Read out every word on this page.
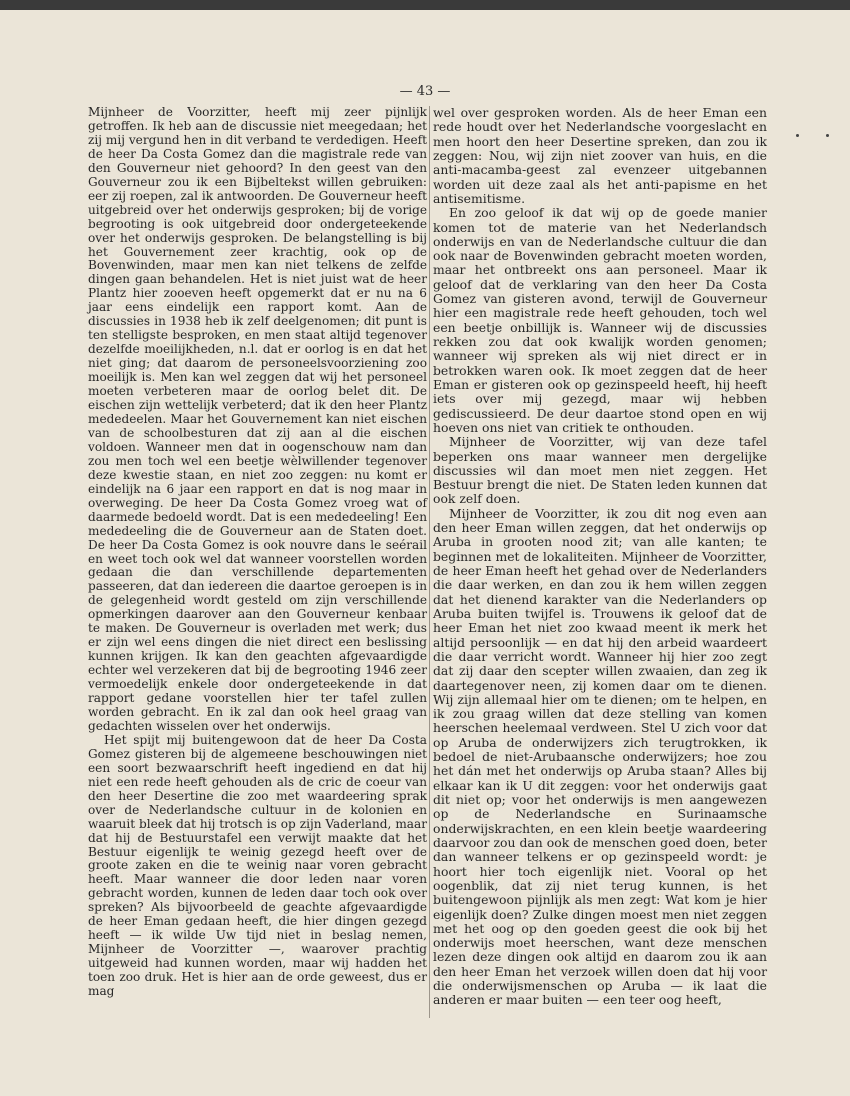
— 43 —

Mijnheer de Voorzitter, heeft mij zeer pijnlijk getroffen. Ik heb aan de discussie niet meegedaan; het zij mij vergund hen in dit verband te verdedigen. Heeft de heer Da Costa Gomez dan die magistrale rede van den Gouverneur niet gehoord? In den geest van den Gouverneur zou ik een Bijbeltekst willen gebruiken: eer zij roepen, zal ik antwoorden. De Gouverneur heeft uitgebreid over het onderwijs gesproken; bij de vorige begrooting is ook uitgebreid door ondergeteekende over het onderwijs gesproken. De belangstelling is bij het Gouvernement zeer krachtig, ook op de Bovenwinden, maar men kan niet telkens de zelfde dingen gaan behandelen. Het is niet juist wat de heer Plantz hier zooeven heeft opgemerkt dat er nu na 6 jaar eens eindelijk een rapport komt. Aan de discussies in 1938 heb ik zelf deelgenomen; dit punt is ten stelligste besproken, en men staat altijd tegenover dezelfde moeilijkheden, n.l. dat er oorlog is en dat het niet ging; dat daarom de personeelsvoorziening zoo moeilijk is. Men kan wel zeggen dat wij het personeel moeten verbeteren maar de oorlog belet dit. De eischen zijn wettelijk verbeterd; dat ik den heer Plantz mededeelen. Maar het Gouvernement kan niet eischen van de schoolbesturen dat zij aan al die eischen voldoen. Wanneer men dat in oogenschouw nam dan zou men toch wel een beetje wèlwillender tegenover deze kwestie staan, en niet zoo zeggen: nu komt er eindelijk na 6 jaar een rapport en dat is nog maar in overweging. De heer Da Costa Gomez vroeg wat of daarmede bedoeld wordt. Dat is een mededeeling! Een mededeeling die de Gouverneur aan de Staten doet. De heer Da Costa Gomez is ook nouvre dans le seérail en weet toch ook wel dat wanneer voorstellen worden gedaan die dan verschillende departementen passeeren, dat dan iedereen die daartoe geroepen is in de gelegenheid wordt gesteld om zijn verschillende opmerkingen daarover aan den Gouverneur kenbaar te maken. De Gouverneur is overladen met werk; dus er zijn wel eens dingen die niet direct een beslissing kunnen krijgen. Ik kan den geachten afgevaardigde echter wel verzekeren dat bij de begrooting 1946 zeer vermoedelijk enkele door ondergeteekende in dat rapport gedane voorstellen hier ter tafel zullen worden gebracht. En ik zal dan ook heel graag van gedachten wisselen over het onderwijs.

Het spijt mij buitengewoon dat de heer Da Costa Gomez gisteren bij de algemeene beschouwingen niet een soort bezwaarschrift heeft ingediend en dat hij niet een rede heeft gehouden als de cric de coeur van den heer Desertine die zoo met waardeering sprak over de Nederlandsche cultuur in de kolonien en waaruit bleek dat hij trotsch is op zijn Vaderland, maar dat hij de Bestuurstafel een verwijt maakte dat het Bestuur eigenlijk te weinig gezegd heeft over de groote zaken en die te weinig naar voren gebracht heeft. Maar wanneer die door leden naar voren gebracht worden, kunnen de leden daar toch ook over spreken? Als bijvoorbeeld de geachte afgevaardigde de heer Eman gedaan heeft, die hier dingen gezegd heeft — ik wilde Uw tijd niet in beslag nemen, Mijnheer de Voorzitter —, waarover prachtig uitgeweid had kunnen worden, maar wij hadden het toen zoo druk. Het is hier aan de orde geweest, dus er mag

wel over gesproken worden. Als de heer Eman een rede houdt over het Nederlandsche voorgeslacht en men hoort den heer Desertine spreken, dan zou ik zeggen: Nou, wij zijn niet zoover van huis, en die anti-macamba-geest zal evenzeer uitgebannen worden uit deze zaal als het anti-papisme en het antisemitisme.

En zoo geloof ik dat wij op de goede manier komen tot de materie van het Nederlandsch onderwijs en van de Nederlandsche cultuur die dan ook naar de Bovenwinden gebracht moeten worden, maar het ontbreekt ons aan personeel. Maar ik geloof dat de verklaring van den heer Da Costa Gomez van gisteren avond, terwijl de Gouverneur hier een magistrale rede heeft gehouden, toch wel een beetje onbillijk is. Wanneer wij de discussies rekken zou dat ook kwalijk worden genomen; wanneer wij spreken als wij niet direct er in betrokken waren ook. Ik moet zeggen dat de heer Eman er gisteren ook op gezinspeeld heeft, hij heeft iets over mij gezegd, maar wij hebben gediscussieerd. De deur daartoe stond open en wij hoeven ons niet van critiek te onthouden.

Mijnheer de Voorzitter, wij van deze tafel beperken ons maar wanneer men dergelijke discussies wil dan moet men niet zeggen. Het Bestuur brengt die niet. De Staten leden kunnen dat ook zelf doen.

Mijnheer de Voorzitter, ik zou dit nog even aan den heer Eman willen zeggen, dat het onderwijs op Aruba in grooten nood zit; van alle kanten; te beginnen met de lokaliteiten. Mijnheer de Voorzitter, de heer Eman heeft het gehad over de Nederlanders die daar werken, en dan zou ik hem willen zeggen dat het dienend karakter van die Nederlanders op Aruba buiten twijfel is. Trouwens ik geloof dat de heer Eman het niet zoo kwaad meent ik merk het altijd persoonlijk — en dat hij den arbeid waardeert die daar verricht wordt. Wanneer hij hier zoo zegt dat zij daar den scepter willen zwaaien, dan zeg ik daartegenover neen, zij komen daar om te dienen. Wij zijn allemaal hier om te dienen; om te helpen, en ik zou graag willen dat deze stelling van komen heerschen heelemaal verdween. Stel U zich voor dat op Aruba de onderwijzers zich terugtrokken, ik bedoel de niet-Arubaansche onderwijzers; hoe zou het dán met het onderwijs op Aruba staan? Alles bij elkaar kan ik U dit zeggen: voor het onderwijs gaat dit niet op; voor het onderwijs is men aangewezen op de Nederlandsche en Surinaamsche onderwijskrachten, en een klein beetje waardeering daarvoor zou dan ook de menschen goed doen, beter dan wanneer telkens er op gezinspeeld wordt: je hoort hier toch eigenlijk niet. Vooral op het oogenblik, dat zij niet terug kunnen, is het buitengewoon pijnlijk als men zegt: Wat kom je hier eigenlijk doen? Zulke dingen moest men niet zeggen met het oog op den goeden geest die ook bij het onderwijs moet heerschen, want deze menschen lezen deze dingen ook altijd en daarom zou ik aan den heer Eman het verzoek willen doen dat hij voor die onderwijsmenschen op Aruba — ik laat die anderen er maar buiten — een teer oog heeft,
